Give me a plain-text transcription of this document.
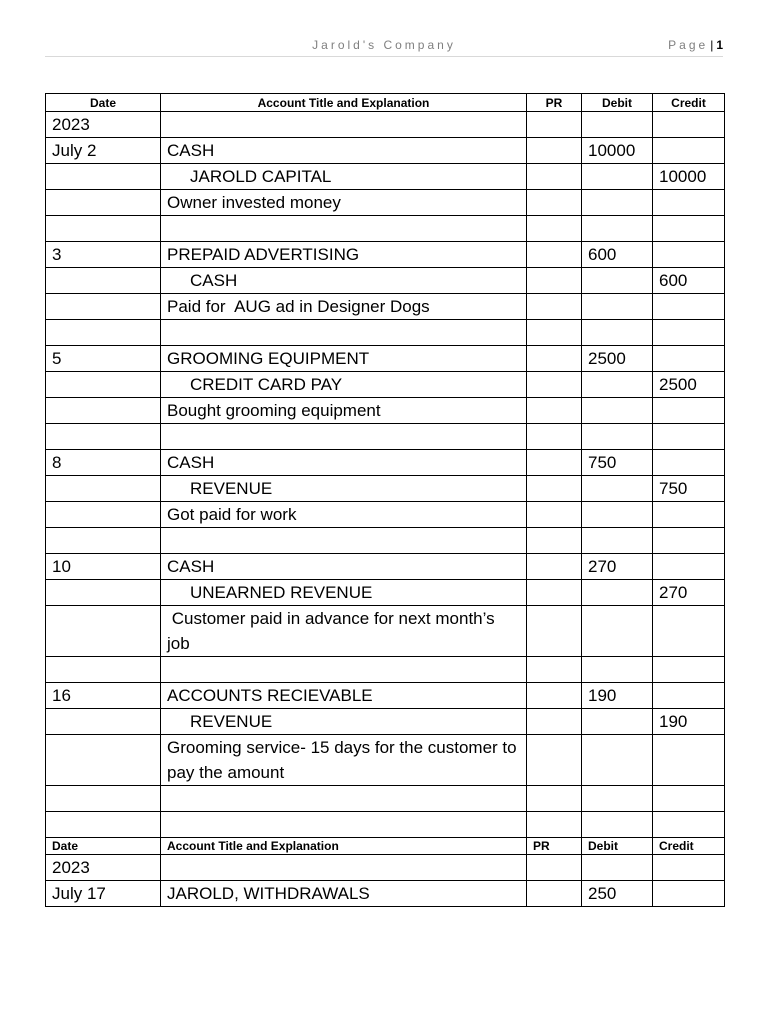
Jarold's Company	Page | 1
Date	Account Title and Explanation	PR	Debit	Credit
2023				
July 2	CASH		10000	
	JAROLD CAPITAL			10000
	Owner invested money			

3	PREPAID ADVERTISING		600	
	CASH			600
	Paid for  AUG ad in Designer Dogs			

5	GROOMING EQUIPMENT		2500	
	CREDIT CARD PAY			2500
	Bought grooming equipment			

8	CASH		750	
	REVENUE			750
	Got paid for work			

10	CASH		270	
	UNEARNED REVENUE			270
	Customer paid in advance for next month’s job			

16	ACCOUNTS RECIEVABLE		190	
	REVENUE			190
	Grooming service- 15 days for the customer to pay the amount			

Date	Account Title and Explanation	PR	Debit	Credit
2023				
July 17	JAROLD, WITHDRAWALS		250	
